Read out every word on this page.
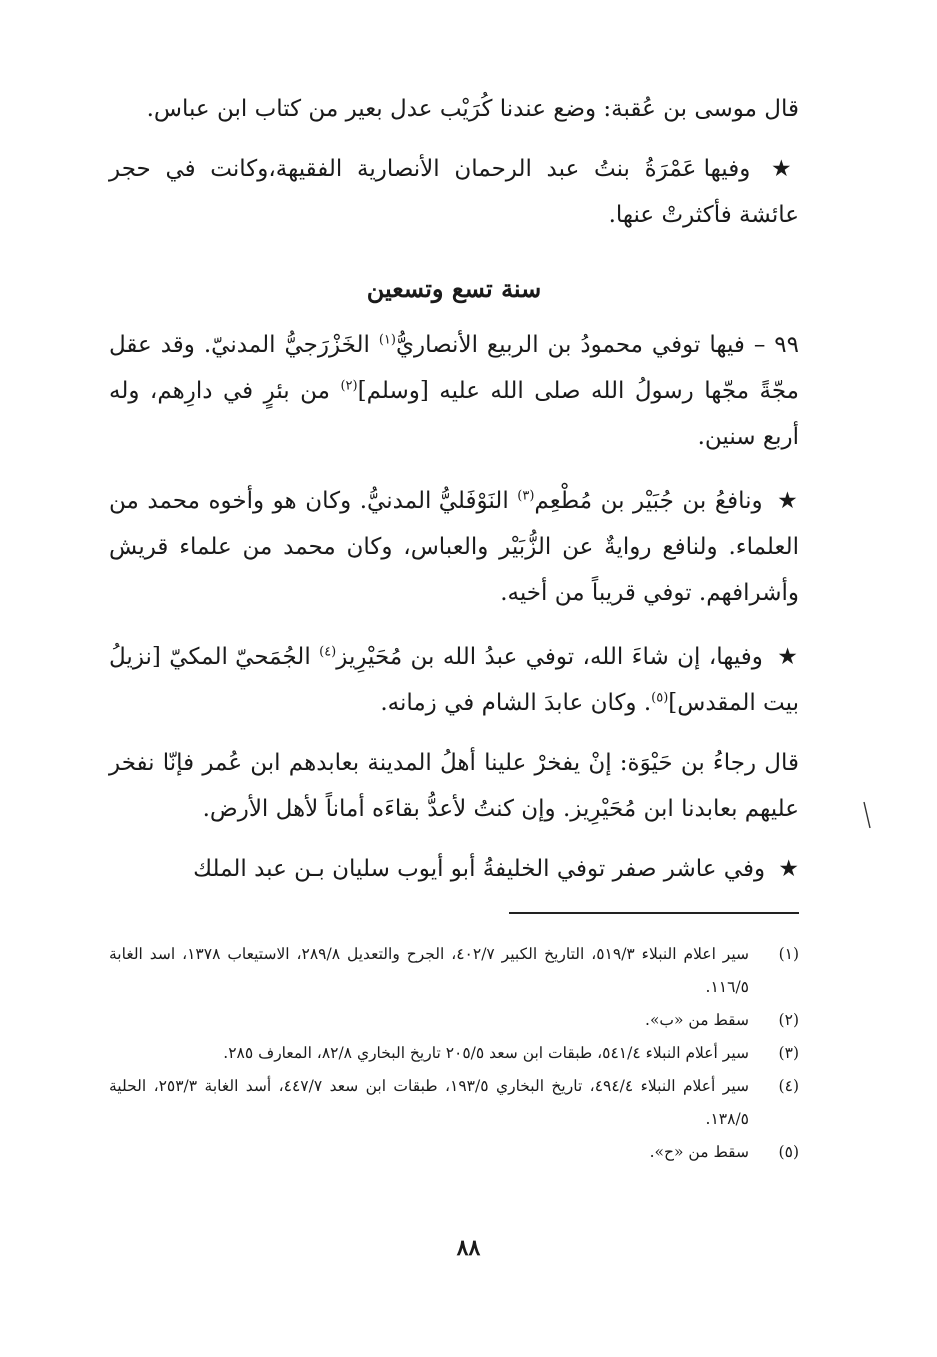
قال موسى بن عُقبة: وضع عندنا كُرَيْب عدل بعير من كتاب ابن عباس.

★ وفيها عَمْرَةُ بنتُ عبد الرحمان الأنصارية الفقيهة،وكانت في حجر عائشة فأكثرتْ عنها.

سنة تسع وتسعين

٩٩ – فيها توفي محمودُ بن الربيع الأنصاريُّ$^{(١)}$ الخَزْرَجيُّ المدنيّ. وقد عقل مجّةً مجّها رسولُ الله صلى الله عليه [وسلم]$^{(٢)}$ من بئرٍ في دارِهم، وله أربع سنين.

★ ونافعُ بن جُبَيْر بن مُطْعِم$^{(٣)}$ النَوْفَليُّ المدنيُّ. وكان هو وأخوه محمد من العلماء. ولنافع روايةٌ عن الزُّبَيْر والعباس، وكان محمد من علماء قريش وأشرافهم. توفي قريباً من أخيه.

★ وفيها، إن شاءَ الله، توفي عبدُ الله بن مُحَيْرِيز$^{(٤)}$ الجُمَحيّ المكيّ [نزيلُ بيت المقدس]$^{(٥)}$. وكان عابدَ الشام في زمانه.

قال رجاءُ بن حَيْوَة: إنْ يفخرْ علينا أهلُ المدينة بعابدهم ابن عُمر فإنّا نفخر عليهم بعابدنا ابن مُحَيْرِيز. وإن كنتُ لأعدُّ بقاءَه أماناً لأهل الأرض.

★ وفي عاشر صفر توفي الخليفةُ أبو أيوب سليان بـن عبد الملك

(١)سير اعلام النبلاء ٥١٩/٣، التاريخ الكبير ٤٠٢/٧، الجرح والتعديل ٢٨٩/٨، الاستيعاب ١٣٧٨، اسد الغابة ١١٦/٥.

(٢)سقط من «ب».

(٣)سير أعلام النبلاء ٥٤١/٤، طبقات ابن سعد ٢٠٥/٥ تاريخ البخاري ٨٢/٨، المعارف ٢٨٥.

(٤)سير أعلام النبلاء ٤٩٤/٤، تاريخ البخاري ١٩٣/٥، طبقات ابن سعد ٤٤٧/٧، أسد الغابة ٢٥٣/٣، الحلية ١٣٨/٥.

(٥)سقط من «ح».

٨٨
